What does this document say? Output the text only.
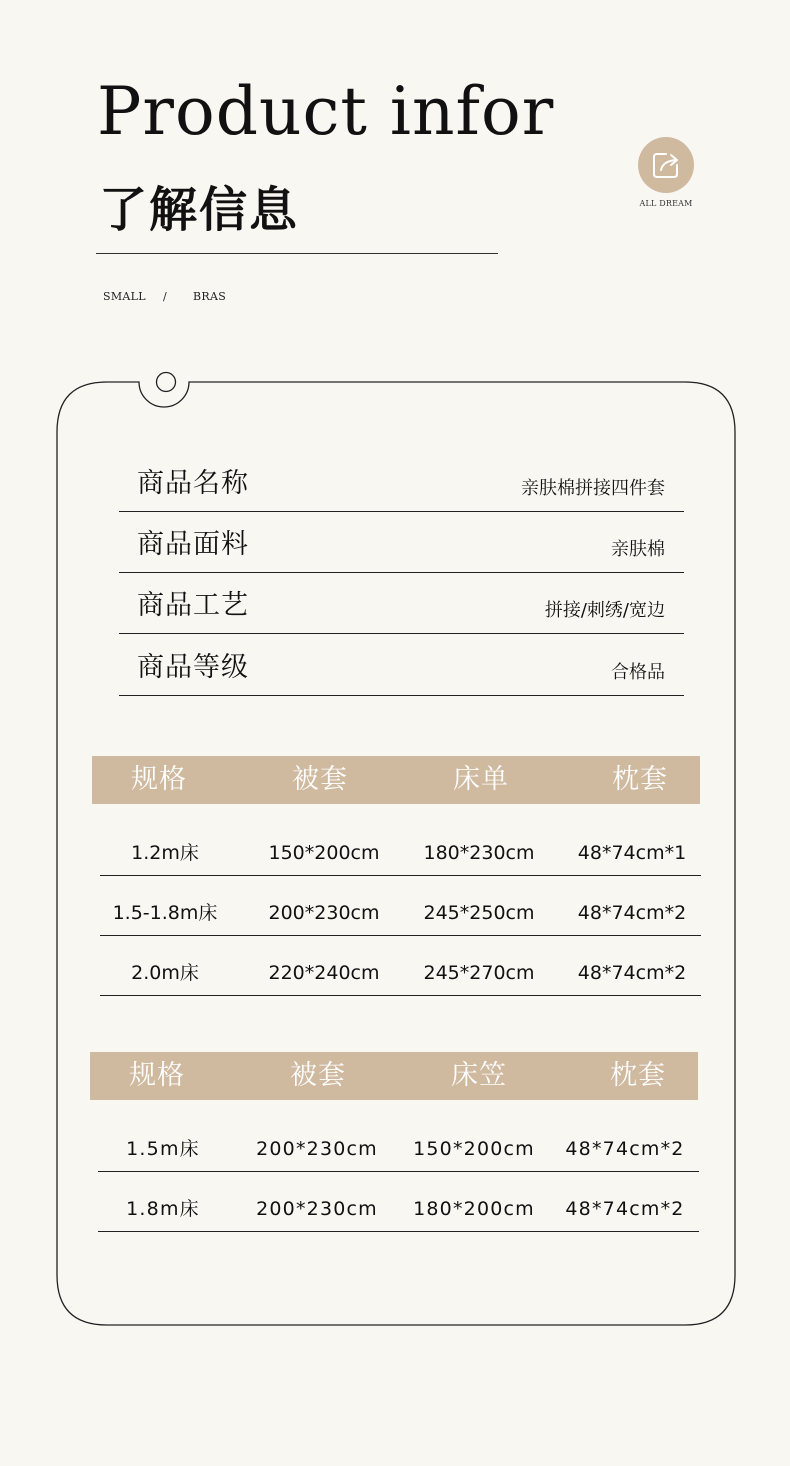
Product infor
了解信息
SMALL / BRAS
ALL DREAM
商品名称	亲肤棉拼接四件套
商品面料	亲肤棉
商品工艺	拼接/刺绣/宽边
商品等级	合格品
规格	被套	床单	枕套
1.2m床	150*200cm	180*230cm	48*74cm*1
1.5-1.8m床	200*230cm	245*250cm	48*74cm*2
2.0m床	220*240cm	245*270cm	48*74cm*2
规格	被套	床笠	枕套
1.5m床	200*230cm	150*200cm	48*74cm*2
1.8m床	200*230cm	180*200cm	48*74cm*2
